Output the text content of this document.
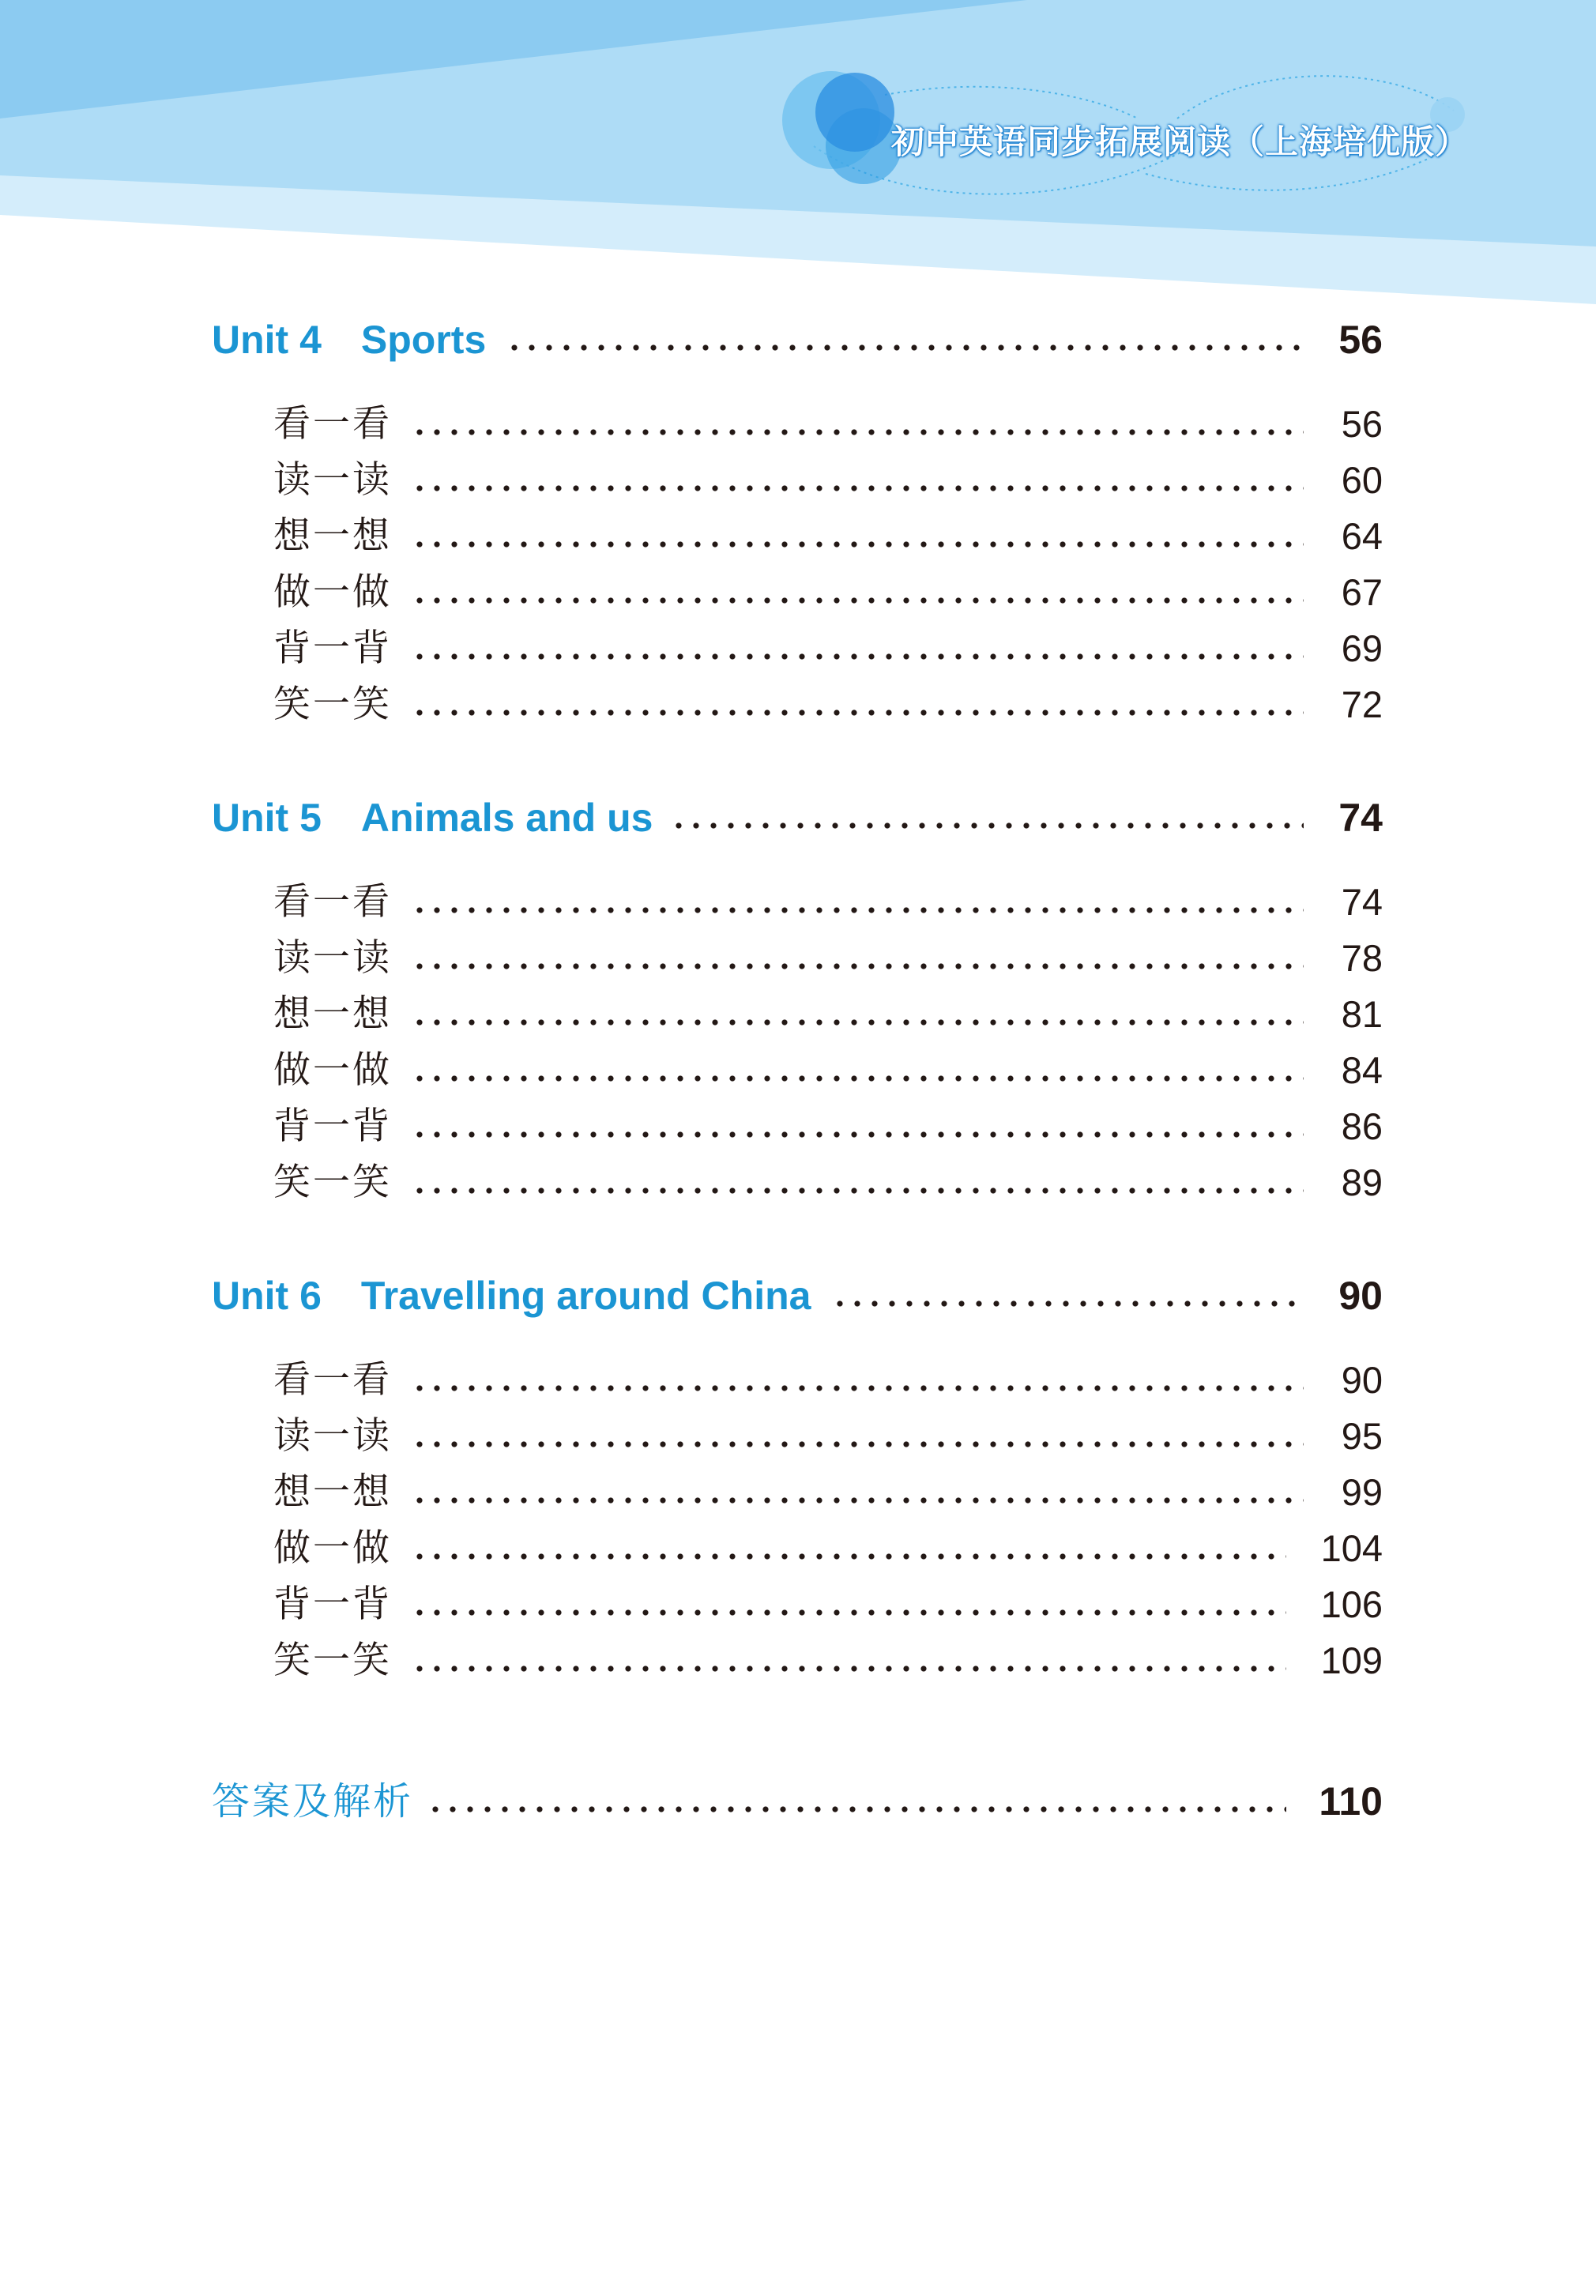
初中英语同步拓展阅读（上海培优版）
Unit 4 Sports	56
看一看	56
读一读	60
想一想	64
做一做	67
背一背	69
笑一笑	72
Unit 5 Animals and us	74
看一看	74
读一读	78
想一想	81
做一做	84
背一背	86
笑一笑	89
Unit 6 Travelling around China	90
看一看	90
读一读	95
想一想	99
做一做	104
背一背	106
笑一笑	109
答案及解析	110
